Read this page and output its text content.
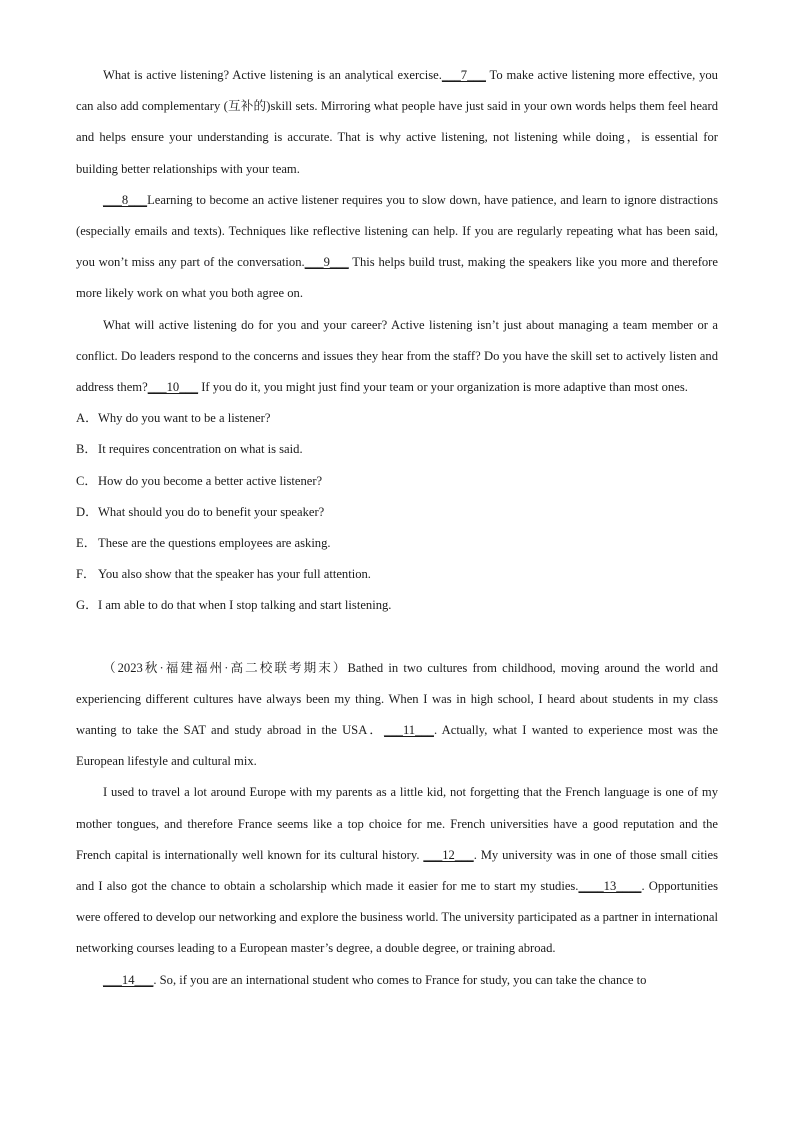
What is active listening? Active listening is an analytical exercise.___7___ To make active listening more effective, you can also add complementary (互补的)skill sets. Mirroring what people have just said in your own words helps them feel heard and helps ensure your understanding is accurate. That is why active listening, not listening while doing，is essential for building better relationships with your team.

___8___Learning to become an active listener requires you to slow down, have patience, and learn to ignore distractions (especially emails and texts). Techniques like reflective listening can help. If you are regularly repeating what has been said, you won’t miss any part of the conversation.___9___ This helps build trust, making the speakers like you more and therefore more likely work on what you both agree on.

What will active listening do for you and your career? Active listening isn’t just about managing a team member or a conflict. Do leaders respond to the concerns and issues they hear from the staff? Do you have the skill set to actively listen and address them?___10___ If you do it, you might just find your team or your organization is more adaptive than most ones.

A．Why do you want to be a listener?

B．It requires concentration on what is said.

C．How do you become a better active listener?

D．What should you do to benefit your speaker?

E． These are the questions employees are asking.

F． You also show that the speaker has your full attention.

G．I am able to do that when I stop talking and start listening.

（2023秋·福建福州·高二校联考期末）Bathed in two cultures from childhood, moving around the world and experiencing different cultures have always been my thing. When I was in high school, I heard about students in my class wanting to take the SAT and study abroad in the USA．___11___. Actually, what I wanted to experience most was the European lifestyle and cultural mix.

I used to travel a lot around Europe with my parents as a little kid, not forgetting that the French language is one of my mother tongues, and therefore France seems like a top choice for me. French universities have a good reputation and the French capital is internationally well known for its cultural history. ___12___. My university was in one of those small cities and I also got the chance to obtain a scholarship which made it easier for me to start my studies.____13____. Opportunities were offered to develop our networking and explore the business world. The university participated as a partner in international networking courses leading to a European master’s degree, a double degree, or training abroad.

___14___. So, if you are an international student who comes to France for study, you can take the chance to
